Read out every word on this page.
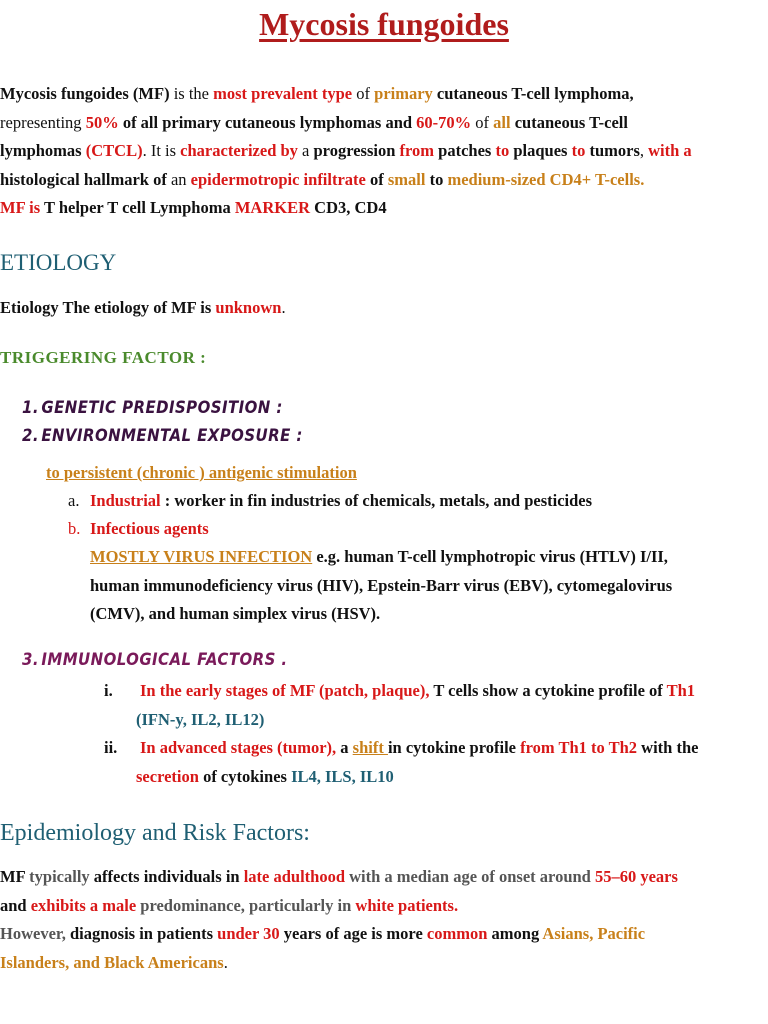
Mycosis fungoides
Mycosis fungoides (MF) is the most prevalent type of primary cutaneous T-cell lymphoma,
representing 50% of all primary cutaneous lymphomas and 60-70% of all cutaneous T-cell
lymphomas (CTCL). It is characterized by a progression from patches to plaques to tumors, with a
histological hallmark of an epidermotropic infiltrate of small to medium-sized CD4+ T-cells.
MF is T helper T cell Lymphoma MARKER CD3, CD4
ETIOLOGY
Etiology The etiology of MF is unknown.
TRIGGERING FACTOR :
1. GENETIC PREDISPOSITION :
2. ENVIRONMENTAL EXPOSURE :
to persistent (chronic ) antigenic stimulation
a. Industrial : worker in fin industries of chemicals, metals, and pesticides
b. Infectious agents
MOSTLY VIRUS INFECTION e.g. human T-cell lymphotropic virus (HTLV) I/II,
human immunodeficiency virus (HIV), Epstein-Barr virus (EBV), cytomegalovirus
(CMV), and human simplex virus (HSV).
3. IMMUNOLOGICAL FACTORS .
i. In the early stages of MF (patch, plaque), T cells show a cytokine profile of Th1
(IFN-y, IL2, IL12)
ii. In advanced stages (tumor), a shift in cytokine profile from Th1 to Th2 with the
secretion of cytokines IL4, ILS, IL10
Epidemiology and Risk Factors:
MF typically affects individuals in late adulthood with a median age of onset around 55–60 years
and exhibits a male predominance, particularly in white patients.
However, diagnosis in patients under 30 years of age is more common among Asians, Pacific
Islanders, and Black Americans.
